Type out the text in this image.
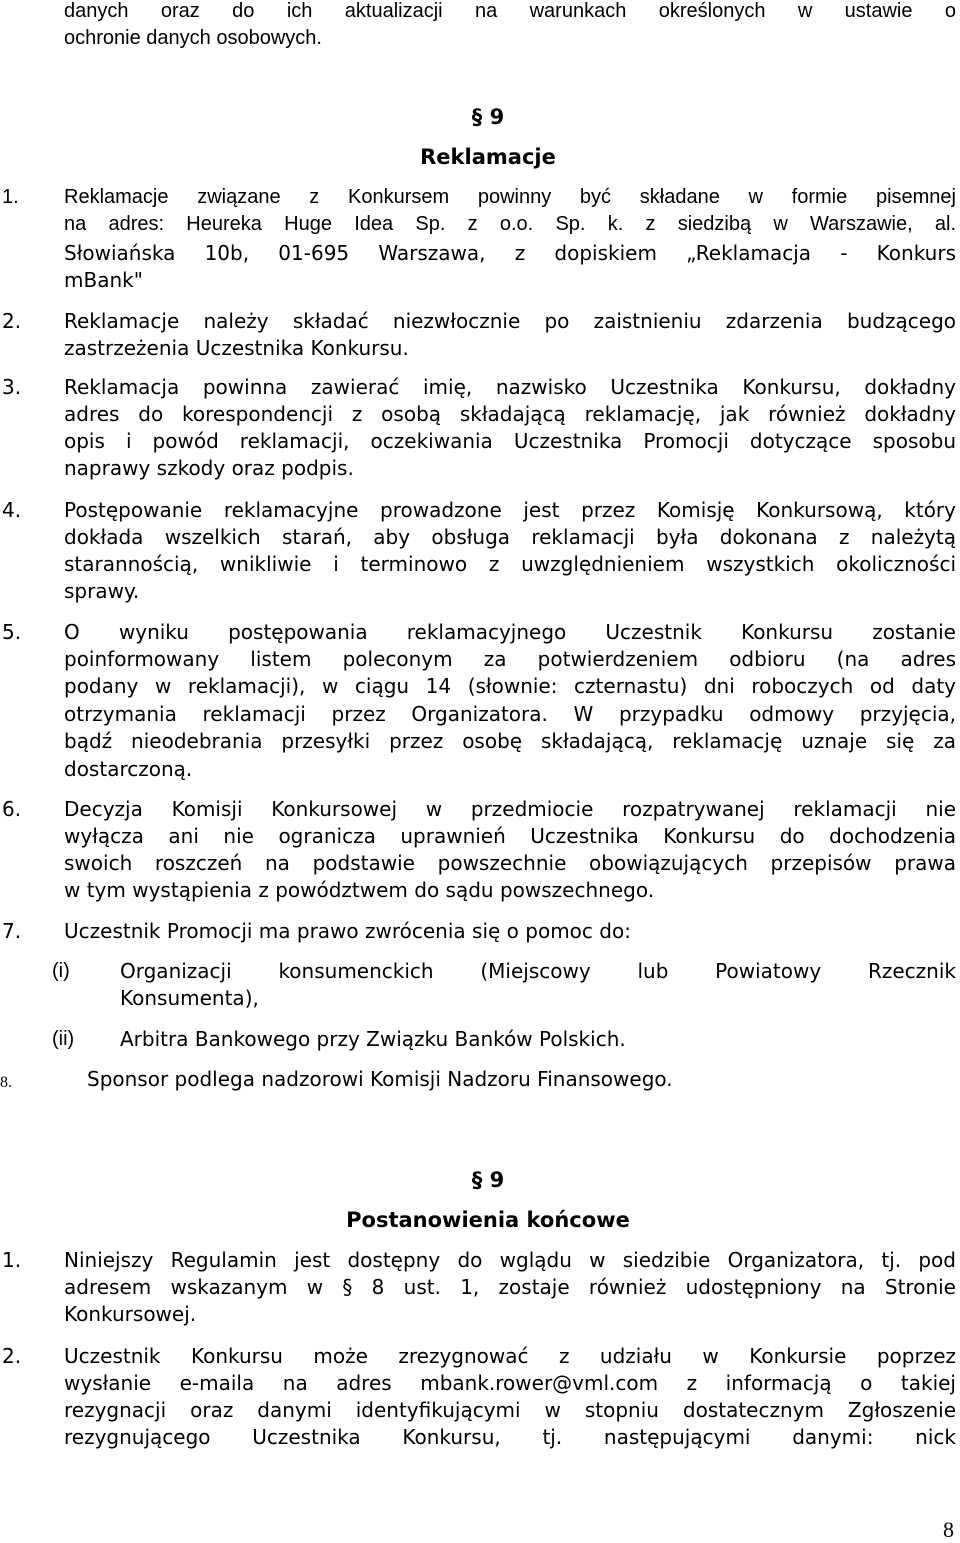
danych oraz do ich aktualizacji na warunkach określonych w ustawie o
ochronie danych osobowych.
§ 9
Reklamacje
1. Reklamacje związane z Konkursem powinny być składane w formie pisemnej
na adres: Heureka Huge Idea Sp. z o.o. Sp. k. z siedzibą w Warszawie, al.
Słowiańska 10b, 01-695 Warszawa, z dopiskiem „Reklamacja - Konkurs
mBank"
2. Reklamacje należy składać niezwłocznie po zaistnieniu zdarzenia budzącego
zastrzeżenia Uczestnika Konkursu.
3. Reklamacja powinna zawierać imię, nazwisko Uczestnika Konkursu, dokładny
adres do korespondencji z osobą składającą reklamację, jak również dokładny
opis i powód reklamacji, oczekiwania Uczestnika Promocji dotyczące sposobu
naprawy szkody oraz podpis.
4. Postępowanie reklamacyjne prowadzone jest przez Komisję Konkursową, który
dokłada wszelkich starań, aby obsługa reklamacji była dokonana z należytą
starannością, wnikliwie i terminowo z uwzględnieniem wszystkich okoliczności
sprawy.
5. O wyniku postępowania reklamacyjnego Uczestnik Konkursu zostanie
poinformowany listem poleconym za potwierdzeniem odbioru (na adres
podany w reklamacji), w ciągu 14 (słownie: czternastu) dni roboczych od daty
otrzymania reklamacji przez Organizatora. W przypadku odmowy przyjęcia,
bądź nieodebrania przesyłki przez osobę składającą, reklamację uznaje się za
dostarczoną.
6. Decyzja Komisji Konkursowej w przedmiocie rozpatrywanej reklamacji nie
wyłącza ani nie ogranicza uprawnień Uczestnika Konkursu do dochodzenia
swoich roszczeń na podstawie powszechnie obowiązujących przepisów prawa
w tym wystąpienia z powództwem do sądu powszechnego.
7. Uczestnik Promocji ma prawo zwrócenia się o pomoc do:
(i)	Organizacji konsumenckich (Miejscowy lub Powiatowy Rzecznik
Konsumenta),
(ii) Arbitra Bankowego przy Związku Banków Polskich.
8.	Sponsor podlega nadzorowi Komisji Nadzoru Finansowego.
§ 9
Postanowienia końcowe
1. Niniejszy Regulamin jest dostępny do wglądu w siedzibie Organizatora, tj. pod
adresem wskazanym w § 8 ust. 1, zostaje również udostępniony na Stronie
Konkursowej.
2. Uczestnik Konkursu może zrezygnować z udziału w Konkursie poprzez
wysłanie e-maila na adres mbank.rower@vml.com z informacją o takiej
rezygnacji oraz danymi identyfikującymi w stopniu dostatecznym Zgłoszenie
rezygnującego Uczestnika Konkursu, tj. następującymi danymi: nick
8
